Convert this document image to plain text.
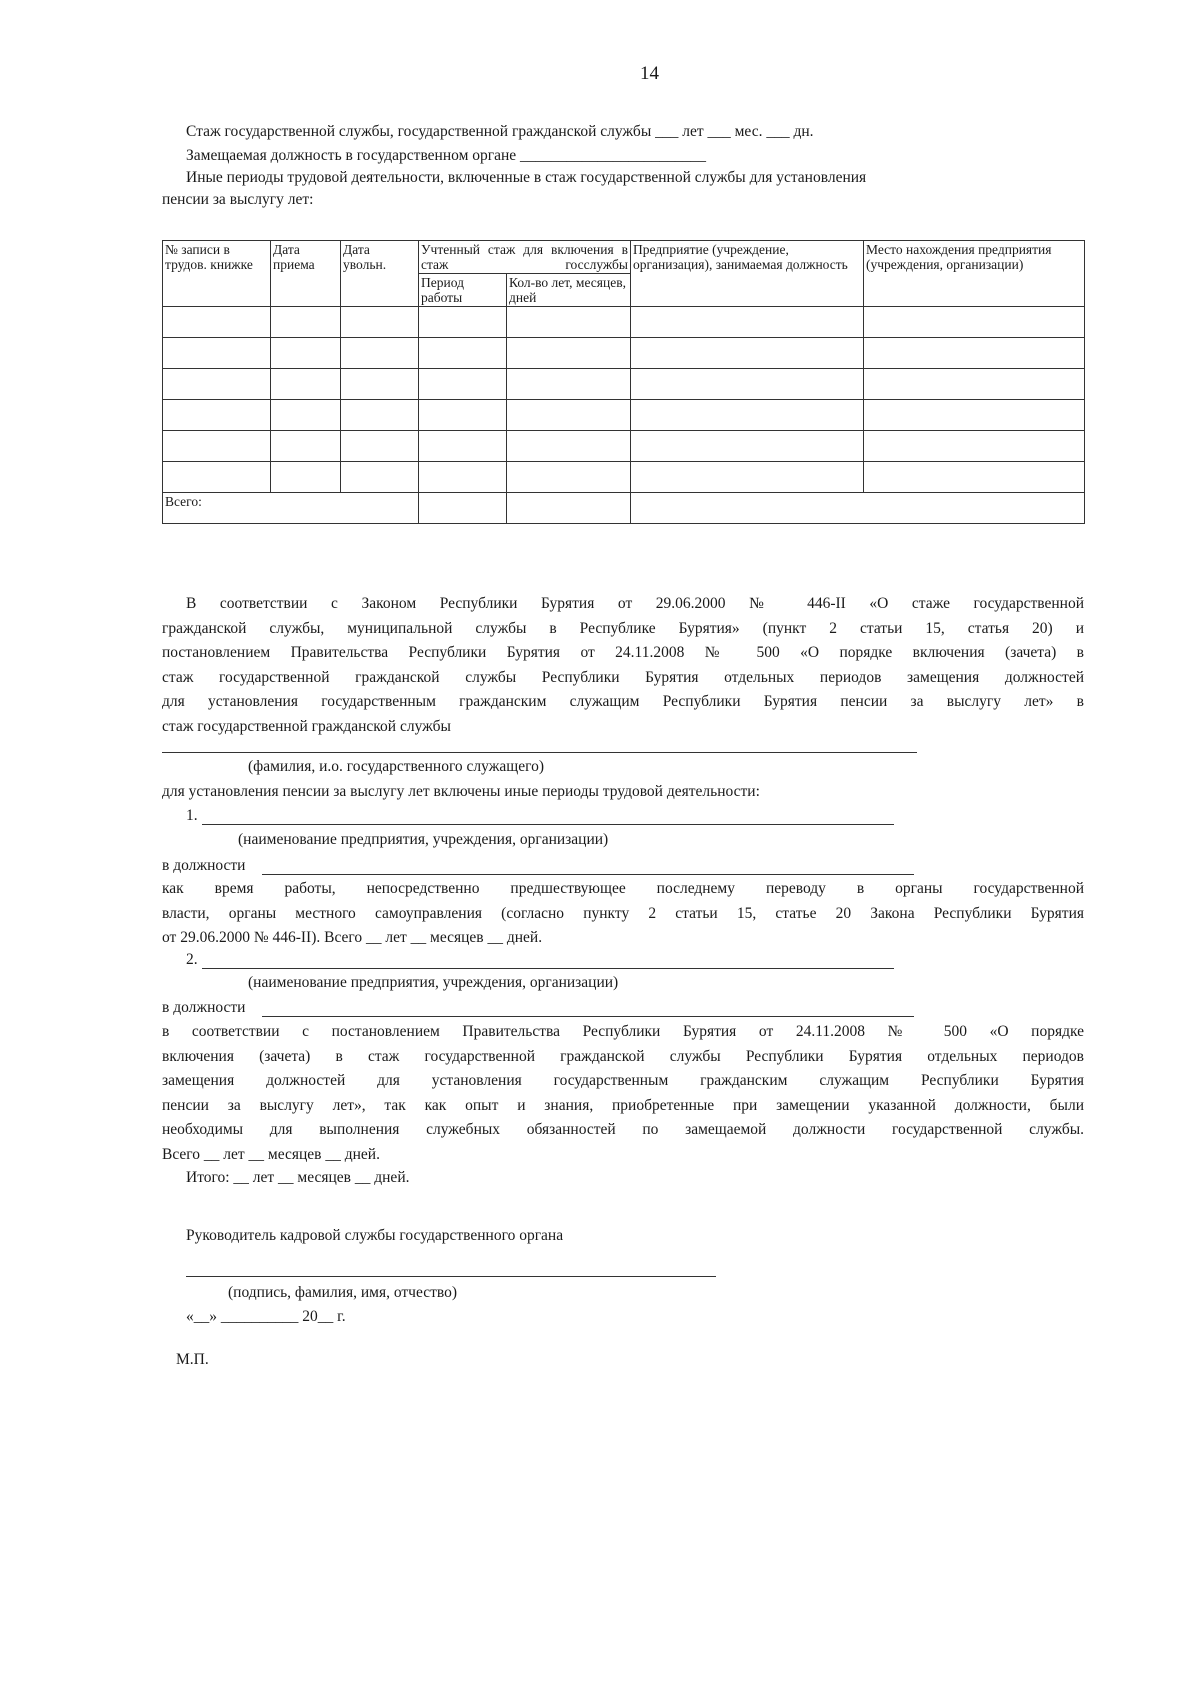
14
Стаж государственной службы, государственной гражданской службы ___ лет ___ мес. ___ дн.
Замещаемая должность в государственном органе ________________________
Иные периоды трудовой деятельности, включенные в стаж государственной службы для установления
пенсии за выслугу лет:
№ записи в трудов. книжке	Дата приема	Дата увольн.	Учтенный стаж для включения в стаж госслужбы		Предприятие (учреждение, организация), занимаемая должность	Место нахождения предприятия (учреждения, организации)
			Период работы	Кол-во лет, месяцев, дней		

Всего:						
В соответствии с Законом Республики Бурятия от 29.06.2000 № 446-II «О стаже государственной
гражданской службы, муниципальной службы в Республике Бурятия» (пункт 2 статьи 15, статья 20) и
постановлением Правительства Республики Бурятия от 24.11.2008 № 500 «О порядке включения (зачета) в
стаж государственной гражданской службы Республики Бурятия отдельных периодов замещения должностей
для установления государственным гражданским служащим Республики Бурятия пенсии за выслугу лет» в
стаж государственной гражданской службы
(фамилия, и.о. государственного служащего)
для установления пенсии за выслугу лет включены иные периоды трудовой деятельности:
1.
(наименование предприятия, учреждения, организации)
в должности
как время работы, непосредственно предшествующее последнему переводу в органы государственной
власти, органы местного самоуправления (согласно пункту 2 статьи 15, статье 20 Закона Республики Бурятия
от 29.06.2000 № 446-II). Всего __ лет __ месяцев __ дней.
2.
(наименование предприятия, учреждения, организации)
в должности
в соответствии с постановлением Правительства Республики Бурятия от 24.11.2008 № 500 «О порядке
включения (зачета) в стаж государственной гражданской службы Республики Бурятия отдельных периодов
замещения должностей для установления государственным гражданским служащим Республики Бурятия
пенсии за выслугу лет», так как опыт и знания, приобретенные при замещении указанной должности, были
необходимы для выполнения служебных обязанностей по замещаемой должности государственной службы.
Всего __ лет __ месяцев __ дней.
Итого: __ лет __ месяцев __ дней.
Руководитель кадровой службы государственного органа
(подпись, фамилия, имя, отчество)
«__» __________ 20__ г.
М.П.
